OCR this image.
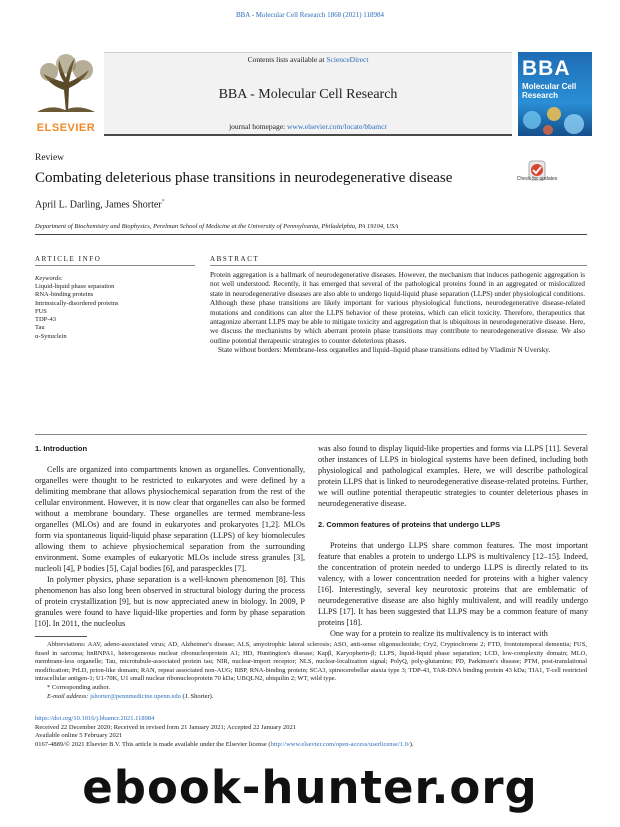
BBA - Molecular Cell Research 1868 (2021) 118984
ELSEVIER
Contents lists available at ScienceDirect
BBA - Molecular Cell Research
journal homepage: www.elsevier.com/locate/bbamcr
BBA
Molecular Cell Research
Review
Combating deleterious phase transitions in neurodegenerative disease	Check for updates
April L. Darling, James Shorter*
Department of Biochemistry and Biophysics, Perelman School of Medicine at the University of Pennsylvania, Philadelphia, PA 19104, USA
ARTICLE INFO
Keywords:
Liquid-liquid phase separation
RNA-binding proteins
Intrinsically-disordered proteins
FUS
TDP-43
Tau
α-Synuclein
ABSTRACT

Protein aggregation is a hallmark of neurodegenerative diseases. However, the mechanism that induces pathogenic aggregation is not well understood. Recently, it has emerged that several of the pathological proteins found in an aggregated or mislocalized state in neurodegenerative diseases are also able to undergo liquid-liquid phase separation (LLPS) under physiological conditions. Although these phase transitions are likely important for various physiological functions, neurodegenerative disease-related mutations and conditions can alter the LLPS behavior of these proteins, which can elicit toxicity. Therefore, therapeutics that antagonize aberrant LLPS may be able to mitigate toxicity and aggregation that is ubiquitous in neurodegenerative disease. Here, we discuss the mechanisms by which aberrant protein phase transitions may contribute to neurodegenerative disease. We also outline potential therapeutic strategies to counter deleterious phases.

State without borders: Membrane-less organelles and liquid–liquid phase transitions edited by Vladimir N Uversky.

1. Introduction

Cells are organized into compartments known as organelles. Conventionally, organelles were thought to be restricted to eukaryotes and were defined by a delimiting membrane that allows physiochemical separation from the rest of the cellular environment. However, it is now clear that organelles can also be formed without a membrane boundary. These organelles are termed membrane-less organelles (MLOs) and are found in eukaryotes and prokaryotes [1,2]. MLOs form via spontaneous liquid-liquid phase separation (LLPS) of key biomolecules allowing them to achieve physiochemical separation from the surrounding environment. Some examples of eukaryotic MLOs include stress granules [3], nucleoli [4], P bodies [5], Cajal bodies [6], and paraspeckles [7].

In polymer physics, phase separation is a well-known phenomenon [8]. This phenomenon has also long been observed in structural biology during the process of protein crystallization [9], but is now appreciated anew in biology. In 2009, P granules were found to have liquid-like properties and form by phase separation [10]. In 2011, the nucleolus

was also found to display liquid-like properties and forms via LLPS [11]. Several other instances of LLPS in biological systems have been defined, including both physiological and pathological examples. Here, we will describe pathological protein LLPS that is linked to neurodegenerative disease-related proteins. Further, we will outline potential therapeutic strategies to counter deleterious phases in neurodegenerative disease.

2. Common features of proteins that undergo LLPS

Proteins that undergo LLPS share common features. The most important feature that enables a protein to undergo LLPS is multivalency [12–15]. Indeed, the concentration of protein needed to undergo LLPS is directly related to its valency, with a lower concentration needed for proteins with a higher valency [16]. Interestingly, several key neurotoxic proteins that are emblematic of neurodegenerative disease are also highly multivalent, and will readily undergo LLPS [17]. It has been suggested that LLPS may be a common feature of many proteins [18].

One way for a protein to realize its multivalency is to interact with

Abbreviations: AAV, adeno-associated virus; AD, Alzheimer's disease; ALS, amyotrophic lateral sclerosis; ASO, anti-sense oligonucleotide; Cry2, Cryptochrome 2; FTD, frontotemporal dementia; FUS, fused in sarcoma; hnRNPA1, heterogeneous nuclear ribonucleoprotein A1; HD, Huntington's disease; Kapβ, Karyopherin-β; LLPS, liquid-liquid phase separation; LCD, low-complexity domain; MLO, membrane-less organelle; Tau, microtubule-associated protein tau; NIR, nuclear-import receptor; NLS, nuclear-localization signal; PolyQ, poly-glutamine; PD, Parkinson's disease; PTM, post-translational modification; PrLD, prion-like domain; RAN, repeat associated non-AUG; RBP, RNA-binding protein; SCA3, spinocerebellar ataxia type 3; TDP-43, TAR-DNA binding protein 43 kDa; TIA1, T-cell restricted intracellular antigen-1; U1-70K, U1 small nuclear ribonucleoprotein 70 kDa; UBQLN2, ubiquilin 2; WT, wild type.

* Corresponding author.

E-mail address: jshorter@pennmedicine.upenn.edu (J. Shorter).

https://doi.org/10.1016/j.bbamcr.2021.118984
Received 22 December 2020; Received in revised form 21 January 2021; Accepted 22 January 2021
Available online 5 February 2021
0167-4889/© 2021 Elsevier B.V. This article is made available under the Elsevier license (http://www.elsevier.com/open-access/userlicense/1.0/).
ebook-hunter.org
